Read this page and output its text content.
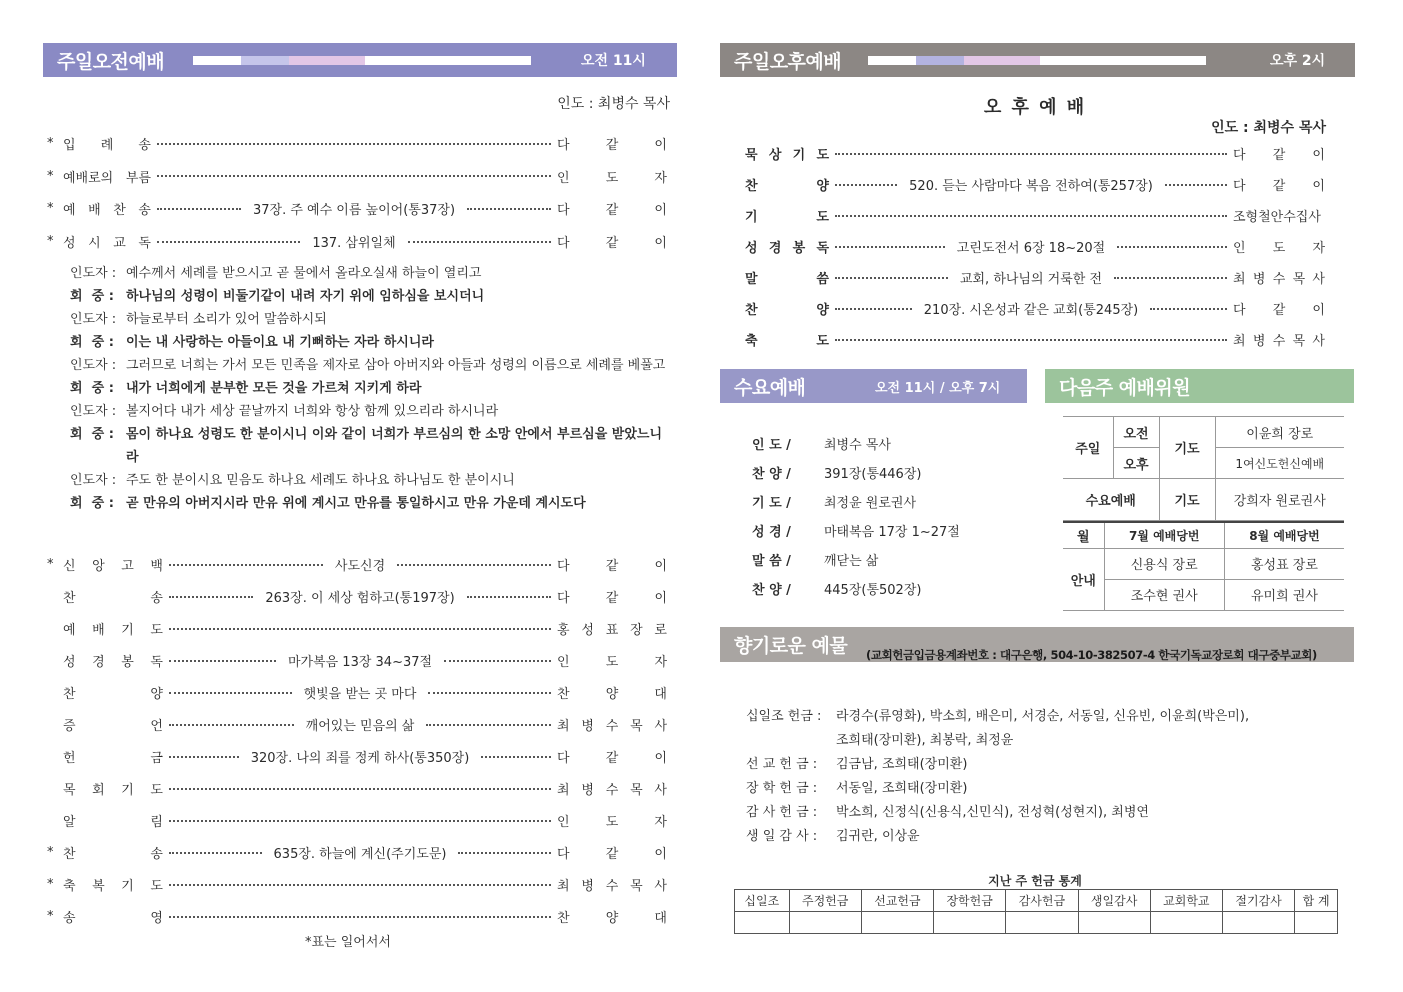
주일오전예배	오전 11시
인도 : 최병수 목사
* 입 례 송	다 같 이
* 예배로의 부름	인 도 자
* 예 배 찬 송	37장. 주 예수 이름 높이어(통37장)	다 같 이
* 성 시 교 독	137. 삼위일체	다 같 이
인도자 : 예수께서 세례를 받으시고 곧 물에서 올라오실새 하늘이 열리고
회  중 : 하나님의 성령이 비둘기같이 내려 자기 위에 임하심을 보시더니
인도자 : 하늘로부터 소리가 있어 말씀하시되
회  중 : 이는 내 사랑하는 아들이요 내 기뻐하는 자라 하시니라
인도자 : 그러므로 너희는 가서 모든 민족을 제자로 삼아 아버지와 아들과 성령의 이름으로 세례를 베풀고
회  중 : 내가 너희에게 분부한 모든 것을 가르쳐 지키게 하라
인도자 : 볼지어다 내가 세상 끝날까지 너희와 항상 함께 있으리라 하시니라
회  중 : 몸이 하나요 성령도 한 분이시니 이와 같이 너희가 부르심의 한 소망 안에서 부르심을 받았느니라
인도자 : 주도 한 분이시요 믿음도 하나요 세례도 하나요 하나님도 한 분이시니
회  중 : 곧 만유의 아버지시라 만유 위에 계시고 만유를 통일하시고 만유 가운데 계시도다
* 신 앙 고 백	사도신경	다 같 이
찬        송	263장. 이 세상 험하고(통197장)	다 같 이
예 배 기 도	홍 성 표 장 로
성 경 봉 독	마가복음 13장 34~37절	인 도 자
찬        양	햇빛을 받는 곳 마다	찬 양 대
증        언	깨어있는 믿음의 삶	최 병 수 목 사
헌        금	320장. 나의 죄를 정케 하사(통350장)	다 같 이
목 회 기 도	최 병 수 목 사
알        림	인 도 자
* 찬        송	635장. 하늘에 계신(주기도문)	다 같 이
* 축 복 기 도	최 병 수 목 사
* 송        영	찬 양 대
*표는 일어서서
주일오후예배	오후 2시
오 후 예 배
인도 : 최병수 목사
묵 상 기 도	다 같 이
찬        양	520. 듣는 사람마다 복음 전하여(통257장)	다 같 이
기        도	조형철안수집사
성 경 봉 독	고린도전서 6장 18~20절	인 도 자
말        씀	교회, 하나님의 거룩한 전	최 병 수 목 사
찬        양	210장. 시온성과 같은 교회(통245장)	다 같 이
축        도	최 병 수 목 사
수요예배	오전 11시 / 오후 7시
인 도 /	최병수 목사
찬 양 /	391장(통446장)
기 도 /	최정윤 원로권사
성 경 /	마태복음 17장 1~27절
말 씀 /	깨닫는 삶
찬 양 /	445장(통502장)
다음주 예배위원
주일	오전	기도	이윤희 장로
	오후		1여신도헌신예배
수요예배		기도	강희자 원로권사
월	7월 예배당번	8월 예배당번
안내	신용식 장로	홍성표 장로
	조수현 권사	유미희 권사
향기로운 예물 (교회헌금입금용계좌번호 : 대구은행, 504-10-382507-4 한국기독교장로회 대구중부교회)
십일조 헌금 :	라경수(류영화), 박소희, 배은미, 서경순, 서동일, 신유빈, 이윤희(박은미),
조희태(장미환), 최봉락, 최정윤
선 교 헌 금 :	김금남, 조희태(장미환)
장 학 헌 금 :	서동일, 조희태(장미환)
감 사 헌 금 :	박소희, 신정식(신용식,신민식), 전성혁(성현지), 최병연
생 일 감 사 :	김귀란, 이상윤
지난 주 헌금 통계
십일조	주정헌금	선교헌금	장학헌금	감사헌금	생일감사	교회학교	절기감사	합 계
